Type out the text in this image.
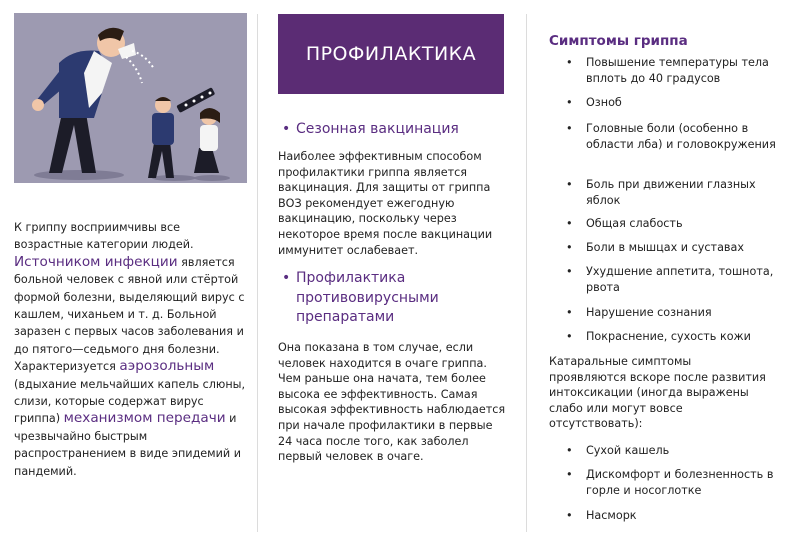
К гриппу восприимчивы все возрастные категории людей. Источником инфекции является больной человек с явной или стёртой формой болезни, выделяющий вирус с кашлем, чиханьем и т. д. Больной заразен с первых часов заболевания и до пятого—седьмого дня болезни. Характеризуется аэрозольным (вдыхание мельчайших капель слюны, слизи, которые содержат вирус гриппа) механизмом передачи и чрезвычайно быстрым распространением в виде эпидемий и пандемий.

ПРОФИЛАКТИКА

• Сезонная вакцинация

Наиболее эффективным способом профилактики гриппа является вакцинация. Для защиты от гриппа ВОЗ рекомендует ежегодную вакцинацию, поскольку через некоторое время после вакцинации иммунитет ослабевает.

• Профилактика противовирусными препаратами

Она показана в том случае, если человек находится в очаге гриппа. Чем раньше она начата, тем более высока ее эффективность. Самая высокая эффективность наблюдается при начале профилактики в первые 24 часа после того, как заболел первый человек в очаге.

Симптомы гриппа

• Повышение температуры тела вплоть до 40 градусов

• Озноб

• Головные боли (особенно в области лба) и головокружения

• Боль при движении глазных яблок

• Общая слабость

• Боли в мышцах и суставах

• Ухудшение аппетита, тошнота, рвота

• Нарушение сознания

• Покраснение, сухость кожи

Катаральные симптомы проявляются вскоре после развития интоксикации (иногда выражены слабо или могут вовсе отсутствовать):

• Сухой кашель

• Дискомфорт и болезненность в горле и носоглотке

• Насморк
